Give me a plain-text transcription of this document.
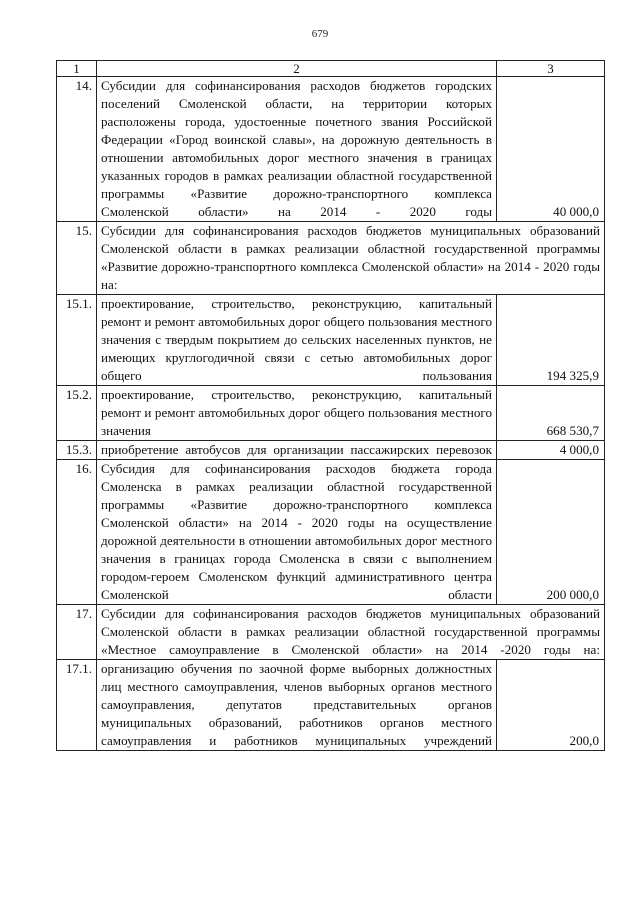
679
1	2	3
14.	Субсидии для софинансирования расходов бюджетов городских поселений Смоленской области, на территории которых расположены города, удостоенные почетного звания Российской Федерации «Город воинской славы», на дорожную деятельность в отношении автомобильных дорог местного значения в границах указанных городов в рамках реализации областной государственной программы «Развитие дорожно-транспортного комплекса Смоленской области» на 2014 - 2020 годы	40 000,0
15.	Субсидии для софинансирования расходов бюджетов муниципальных образований Смоленской области в рамках реализации областной государственной программы «Развитие дорожно-транспортного комплекса Смоленской области» на 2014 - 2020 годы на:	
15.1.	проектирование, строительство, реконструкцию, капитальный ремонт и ремонт автомобильных дорог общего пользования местного значения с твердым покрытием до сельских населенных пунктов, не имеющих круглогодичной связи с сетью автомобильных дорог общего пользования	194 325,9
15.2.	проектирование, строительство, реконструкцию, капитальный ремонт и ремонт автомобильных дорог общего пользования местного значения	668 530,7
15.3.	приобретение автобусов для организации пассажирских перевозок	4 000,0
16.	Субсидия для софинансирования расходов бюджета города Смоленска в рамках реализации областной государственной программы «Развитие дорожно-транспортного комплекса Смоленской области» на 2014 - 2020 годы на осуществление дорожной деятельности в отношении автомобильных дорог местного значения в границах города Смоленска в связи с выполнением городом-героем Смоленском функций административного центра Смоленской области	200 000,0
17.	Субсидии для софинансирования расходов бюджетов муниципальных образований Смоленской области в рамках реализации областной государственной программы «Местное самоуправление в Смоленской области» на 2014 -2020 годы на:	
17.1.	организацию обучения по заочной форме выборных должностных лиц местного самоуправления, членов выборных органов местного самоуправления, депутатов представительных органов муниципальных образований, работников органов местного самоуправления и работников муниципальных учреждений	200,0
